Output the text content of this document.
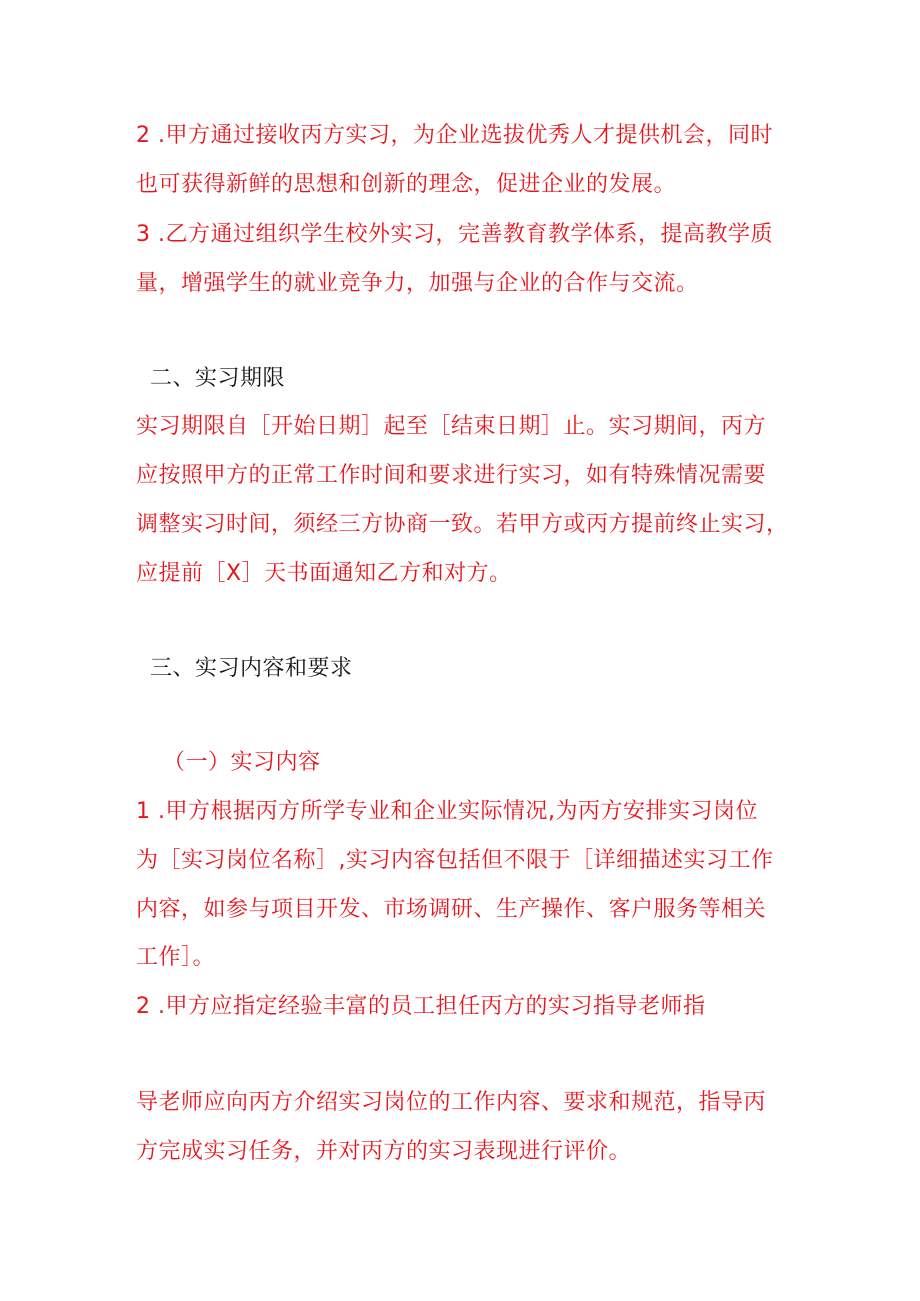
2 .甲方通过接收丙方实习，为企业选拔优秀人才提供机会，同时
也可获得新鲜的思想和创新的理念，促进企业的发展。
3 .乙方通过组织学生校外实习，完善教育教学体系，提高教学质
量，增强学生的就业竞争力，加强与企业的合作与交流。
二、实习期限
实习期限自［开始日期］起至［结束日期］止。实习期间，丙方
应按照甲方的正常工作时间和要求进行实习，如有特殊情况需要
调整实习时间，须经三方协商一致。若甲方或丙方提前终止实习，
应提前［X］天书面通知乙方和对方。
三、实习内容和要求
（一）实习内容
1 .甲方根据丙方所学专业和企业实际情况,为丙方安排实习岗位
为［实习岗位名称］,实习内容包括但不限于［详细描述实习工作
内容，如参与项目开发、市场调研、生产操作、客户服务等相关
工作］。
2 .甲方应指定经验丰富的员工担任丙方的实习指导老师指
导老师应向丙方介绍实习岗位的工作内容、要求和规范，指导丙
方完成实习任务，并对丙方的实习表现进行评价。
